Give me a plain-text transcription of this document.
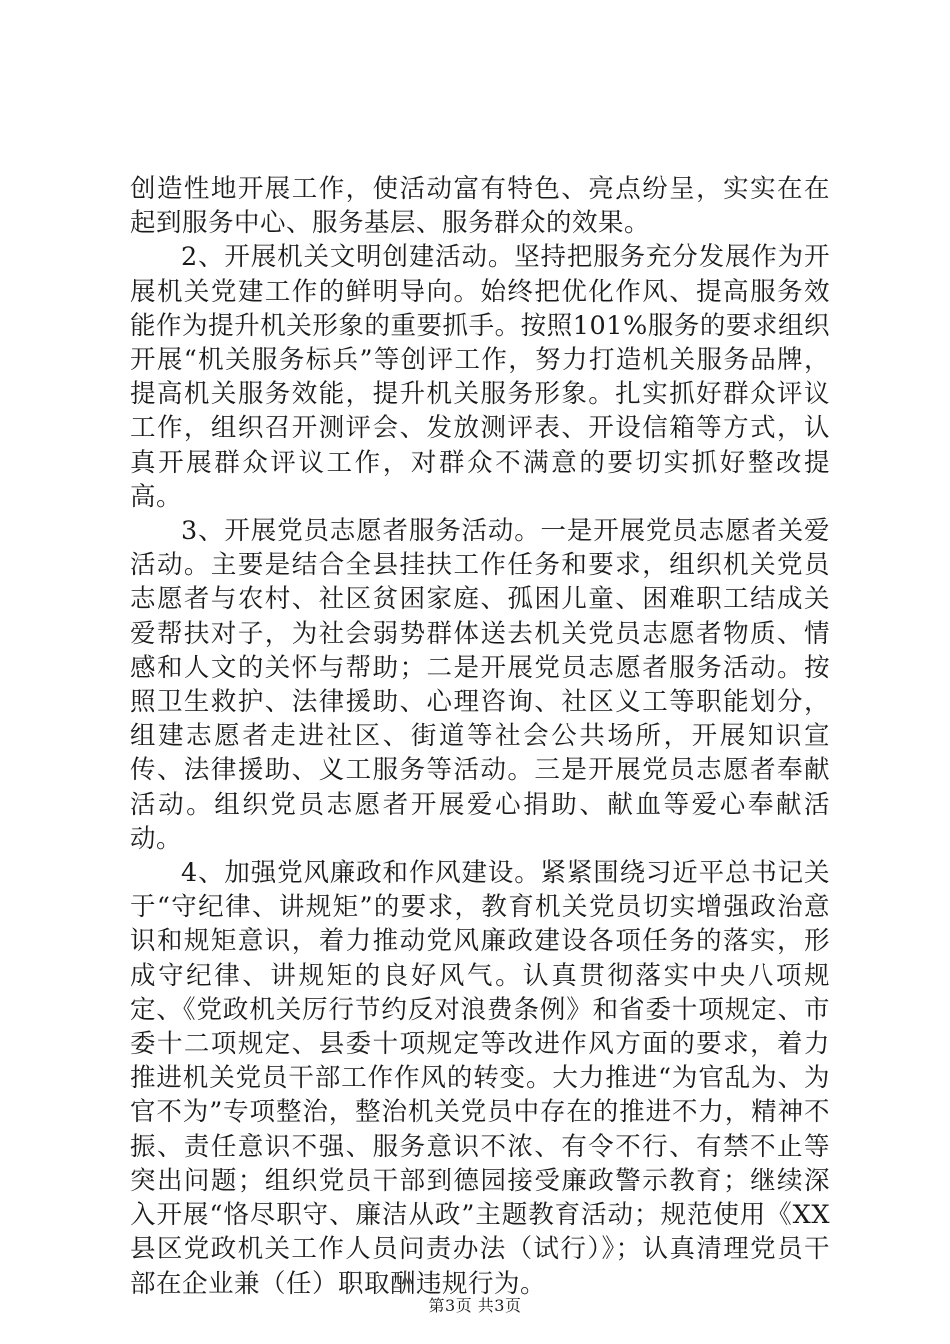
创造性地开展工作，使活动富有特色、亮点纷呈，实实在在起到服务中心、服务基层、服务群众的效果。

2、开展机关文明创建活动。坚持把服务充分发展作为开展机关党建工作的鲜明导向。始终把优化作风、提高服务效能作为提升机关形象的重要抓手。按照101%服务的要求组织开展“机关服务标兵”等创评工作，努力打造机关服务品牌，提高机关服务效能，提升机关服务形象。扎实抓好群众评议工作，组织召开测评会、发放测评表、开设信箱等方式，认真开展群众评议工作，对群众不满意的要切实抓好整改提高。

3、开展党员志愿者服务活动。一是开展党员志愿者关爱活动。主要是结合全县挂扶工作任务和要求，组织机关党员志愿者与农村、社区贫困家庭、孤困儿童、困难职工结成关爱帮扶对子，为社会弱势群体送去机关党员志愿者物质、情感和人文的关怀与帮助；二是开展党员志愿者服务活动。按照卫生救护、法律援助、心理咨询、社区义工等职能划分，组建志愿者走进社区、街道等社会公共场所，开展知识宣传、法律援助、义工服务等活动。三是开展党员志愿者奉献活动。组织党员志愿者开展爱心捐助、献血等爱心奉献活动。

4、加强党风廉政和作风建设。紧紧围绕习近平总书记关于“守纪律、讲规矩”的要求，教育机关党员切实增强政治意识和规矩意识，着力推动党风廉政建设各项任务的落实，形成守纪律、讲规矩的良好风气。认真贯彻落实中央八项规定、《党政机关厉行节约反对浪费条例》和省委十项规定、市委十二项规定、县委十项规定等改进作风方面的要求，着力推进机关党员干部工作作风的转变。大力推进“为官乱为、为官不为”专项整治，整治机关党员中存在的推进不力，精神不振、责任意识不强、服务意识不浓、有令不行、有禁不止等突出问题；组织党员干部到德园接受廉政警示教育；继续深入开展“恪尽职守、廉洁从政”主题教育活动；规范使用《XX县区党政机关工作人员问责办法（试行）》；认真清理党员干部在企业兼（任）职取酬违规行为。

第3页 共3页
